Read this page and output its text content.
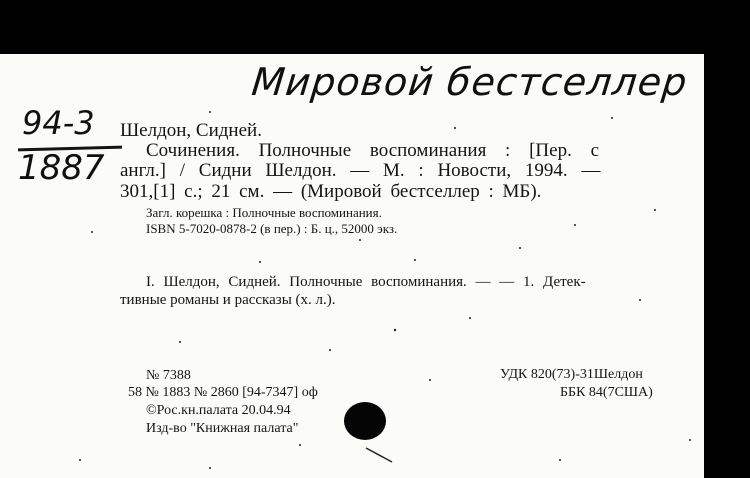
Мировой бестселлер
94-3
1887
Шелдон, Сидней.
Сочинения. Полночные воспоминания : [Пер. с
англ.] / Сидни Шелдон. — М. : Новости, 1994. —
301,[1] с.; 21 см. — (Мировой бестселлер : МБ).
Загл. корешка : Полночные воспоминания.
ISBN 5-7020-0878-2 (в пер.) : Б. ц., 52000 экз.
I. Шелдон, Сидней. Полночные воспоминания. — — 1. Детек-
тивные романы и рассказы (х. л.).
№ 7388
58 № 1883 № 2860 [94-7347] оф
©Рос.кн.палата 20.04.94
Изд-во "Книжная палата"
УДК 820(73)-31Шелдон
ББК 84(7США)
